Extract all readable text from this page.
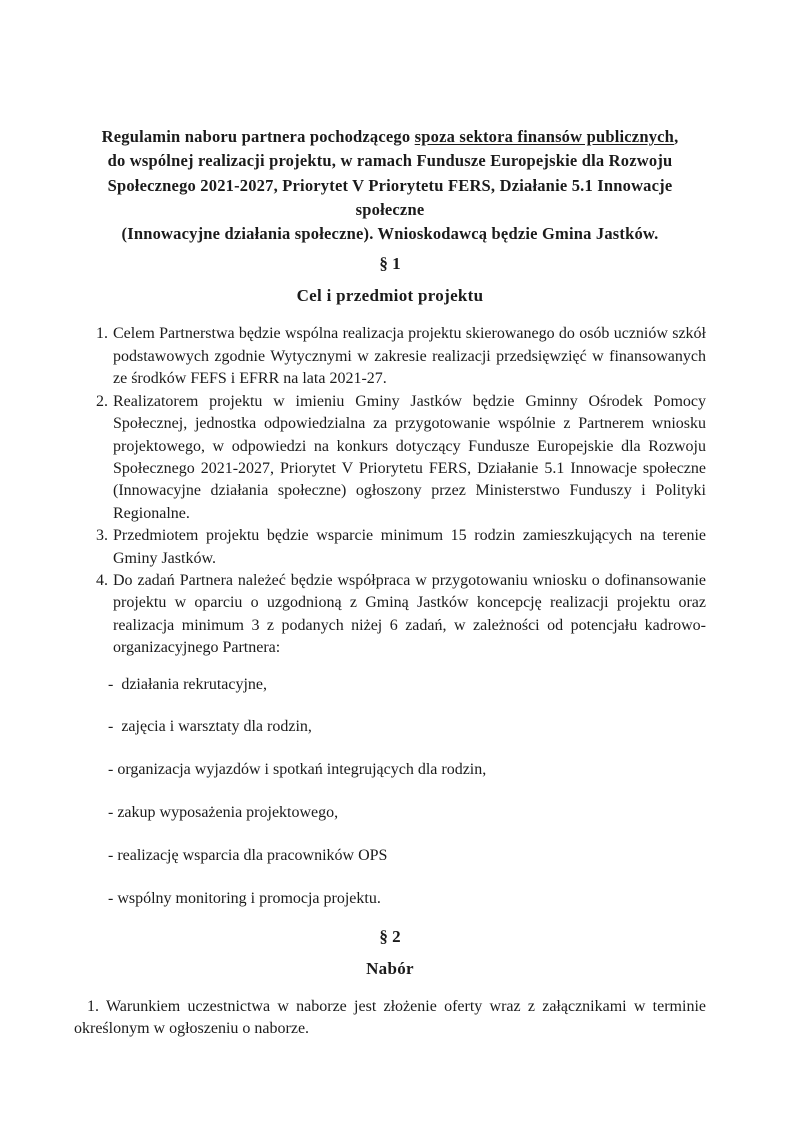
Regulamin naboru partnera pochodzącego spoza sektora finansów publicznych,
do wspólnej realizacji projektu, w ramach Fundusze Europejskie dla Rozwoju
Społecznego 2021-2027, Priorytet V Priorytetu FERS, Działanie 5.1 Innowacje społeczne
(Innowacyjne działania społeczne). Wnioskodawcą będzie Gmina Jastków.

§ 1

Cel i przedmiot projektu

1. Celem Partnerstwa będzie wspólna realizacja projektu skierowanego do osób uczniów szkół podstawowych zgodnie Wytycznymi w zakresie realizacji przedsięwzięć w finansowanych ze środków FEFS i EFRR na lata 2021-27.
2. Realizatorem projektu w imieniu Gminy Jastków będzie Gminny Ośrodek Pomocy Społecznej, jednostka odpowiedzialna za przygotowanie wspólnie z Partnerem wniosku projektowego, w odpowiedzi na konkurs dotyczący Fundusze Europejskie dla Rozwoju Społecznego 2021-2027, Priorytet V Priorytetu FERS, Działanie 5.1 Innowacje społeczne (Innowacyjne działania społeczne) ogłoszony przez Ministerstwo Funduszy i Polityki Regionalne.
3. Przedmiotem projektu będzie wsparcie minimum 15 rodzin zamieszkujących na terenie Gminy Jastków.
4. Do zadań Partnera należeć będzie współpraca w przygotowaniu wniosku o dofinansowanie projektu w oparciu o uzgodnioną z Gminą Jastków koncepcję realizacji projektu oraz realizacja minimum 3 z podanych niżej 6 zadań, w zależności od potencjału kadrowo-organizacyjnego Partnera:
-  działania rekrutacyjne,
-  zajęcia i warsztaty dla rodzin,
- organizacja wyjazdów i spotkań integrujących dla rodzin,
- zakup wyposażenia projektowego,
- realizację wsparcia dla pracowników OPS
- wspólny monitoring i promocja projektu.

§ 2

Nabór

1. Warunkiem uczestnictwa w naborze jest złożenie oferty wraz z załącznikami w terminie określonym w ogłoszeniu o naborze.
